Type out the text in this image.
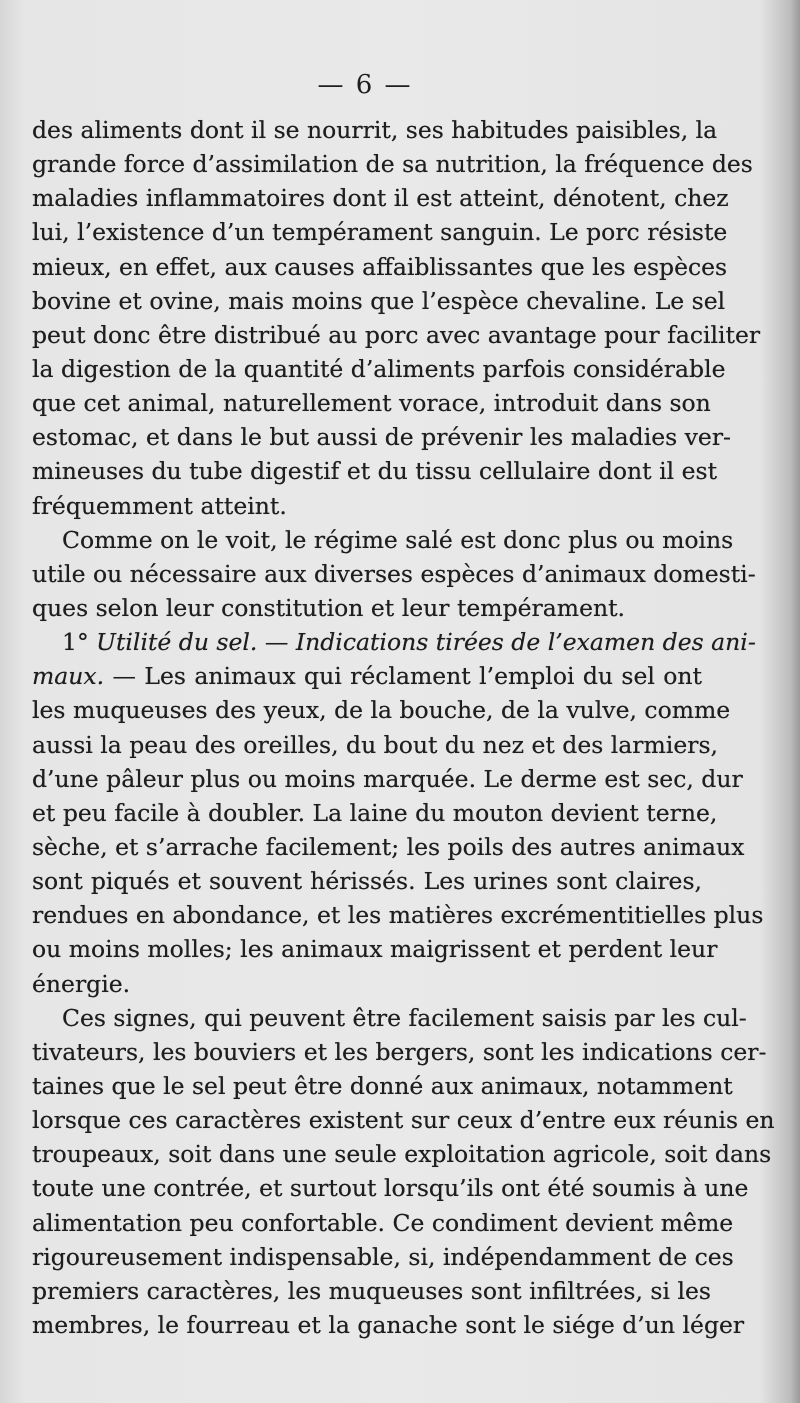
— 6 —
des aliments dont il se nourrit, ses habitudes paisibles, la
grande force d’assimilation de sa nutrition, la fréquence des
maladies inflammatoires dont il est atteint, dénotent, chez
lui, l’existence d’un tempérament sanguin. Le porc résiste
mieux, en effet, aux causes affaiblissantes que les espèces
bovine et ovine, mais moins que l’espèce chevaline. Le sel
peut donc être distribué au porc avec avantage pour faciliter
la digestion de la quantité d’aliments parfois considérable
que cet animal, naturellement vorace, introduit dans son
estomac, et dans le but aussi de prévenir les maladies ver-
mineuses du tube digestif et du tissu cellulaire dont il est
fréquemment atteint.
Comme on le voit, le régime salé est donc plus ou moins
utile ou nécessaire aux diverses espèces d’animaux domesti-
ques selon leur constitution et leur tempérament.
1° Utilité du sel. — Indications tirées de l’examen des ani-
maux. — Les animaux qui réclament l’emploi du sel ont
les muqueuses des yeux, de la bouche, de la vulve, comme
aussi la peau des oreilles, du bout du nez et des larmiers,
d’une pâleur plus ou moins marquée. Le derme est sec, dur
et peu facile à doubler. La laine du mouton devient terne,
sèche, et s’arrache facilement; les poils des autres animaux
sont piqués et souvent hérissés. Les urines sont claires,
rendues en abondance, et les matières excrémentitielles plus
ou moins molles; les animaux maigrissent et perdent leur
énergie.
Ces signes, qui peuvent être facilement saisis par les cul-
tivateurs, les bouviers et les bergers, sont les indications cer-
taines que le sel peut être donné aux animaux, notamment
lorsque ces caractères existent sur ceux d’entre eux réunis en
troupeaux, soit dans une seule exploitation agricole, soit dans
toute une contrée, et surtout lorsqu’ils ont été soumis à une
alimentation peu confortable. Ce condiment devient même
rigoureusement indispensable, si, indépendamment de ces
premiers caractères, les muqueuses sont infiltrées, si les
membres, le fourreau et la ganache sont le siége d’un léger
